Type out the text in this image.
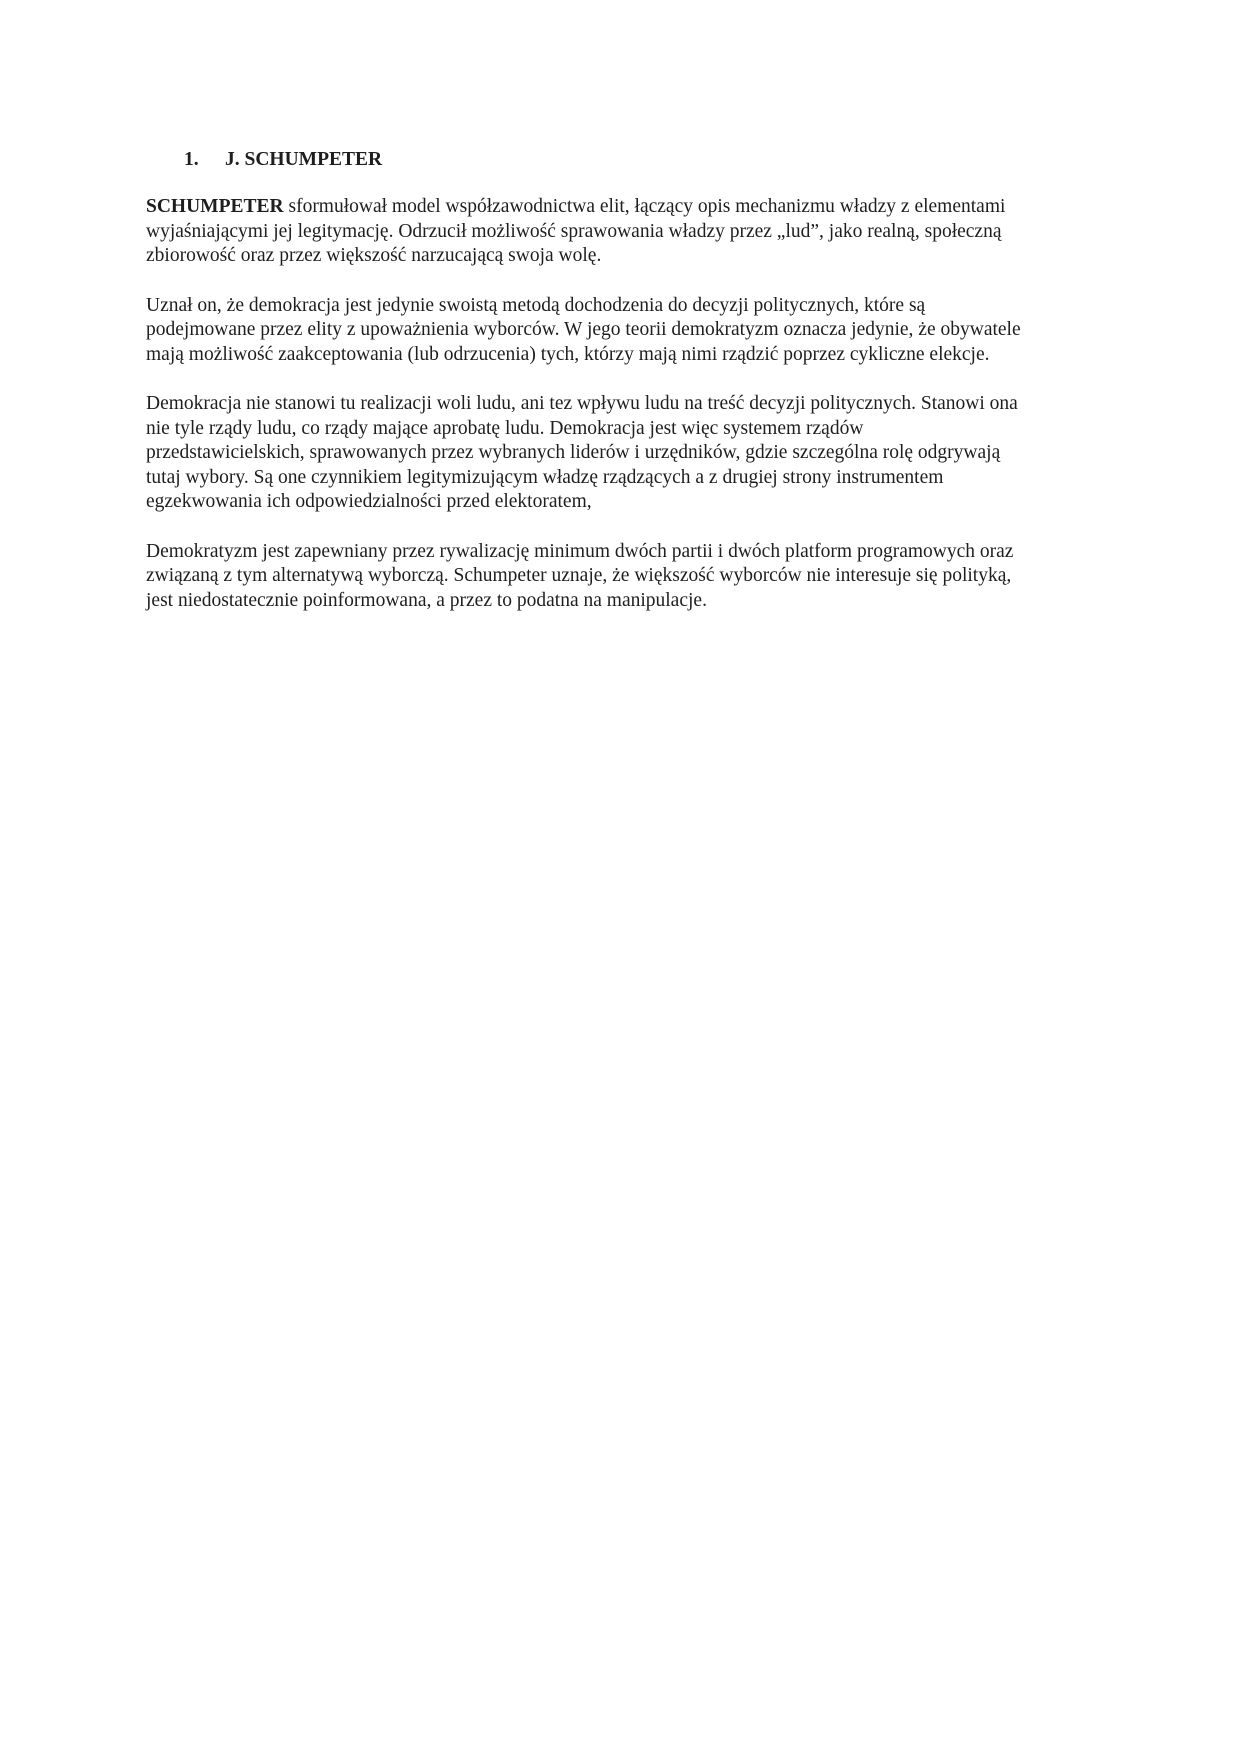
1. J. SCHUMPETER
SCHUMPETER sformułował model współzawodnictwa elit, łączący opis mechanizmu władzy z elementami
wyjaśniającymi jej legitymację. Odrzucił możliwość sprawowania władzy przez „lud”, jako realną, społeczną
zbiorowość oraz przez większość narzucającą swoja wolę.
Uznał on, że demokracja jest jedynie swoistą metodą dochodzenia do decyzji politycznych, które są
podejmowane przez elity z upoważnienia wyborców. W jego teorii demokratyzm oznacza jedynie, że obywatele
mają możliwość zaakceptowania (lub odrzucenia) tych, którzy mają nimi rządzić poprzez cykliczne elekcje.
Demokracja nie stanowi tu realizacji woli ludu, ani tez wpływu ludu na treść decyzji politycznych. Stanowi ona
nie tyle rządy ludu, co rządy mające aprobatę ludu. Demokracja jest więc systemem rządów
przedstawicielskich, sprawowanych przez wybranych liderów i urzędników, gdzie szczególna rolę odgrywają
tutaj wybory. Są one czynnikiem legitymizującym władzę rządzących a z drugiej strony instrumentem
egzekwowania ich odpowiedzialności przed elektoratem,
Demokratyzm jest zapewniany przez rywalizację minimum dwóch partii i dwóch platform programowych oraz
związaną z tym alternatywą wyborczą. Schumpeter uznaje, że większość wyborców nie interesuje się polityką,
jest niedostatecznie poinformowana, a przez to podatna na manipulacje.
